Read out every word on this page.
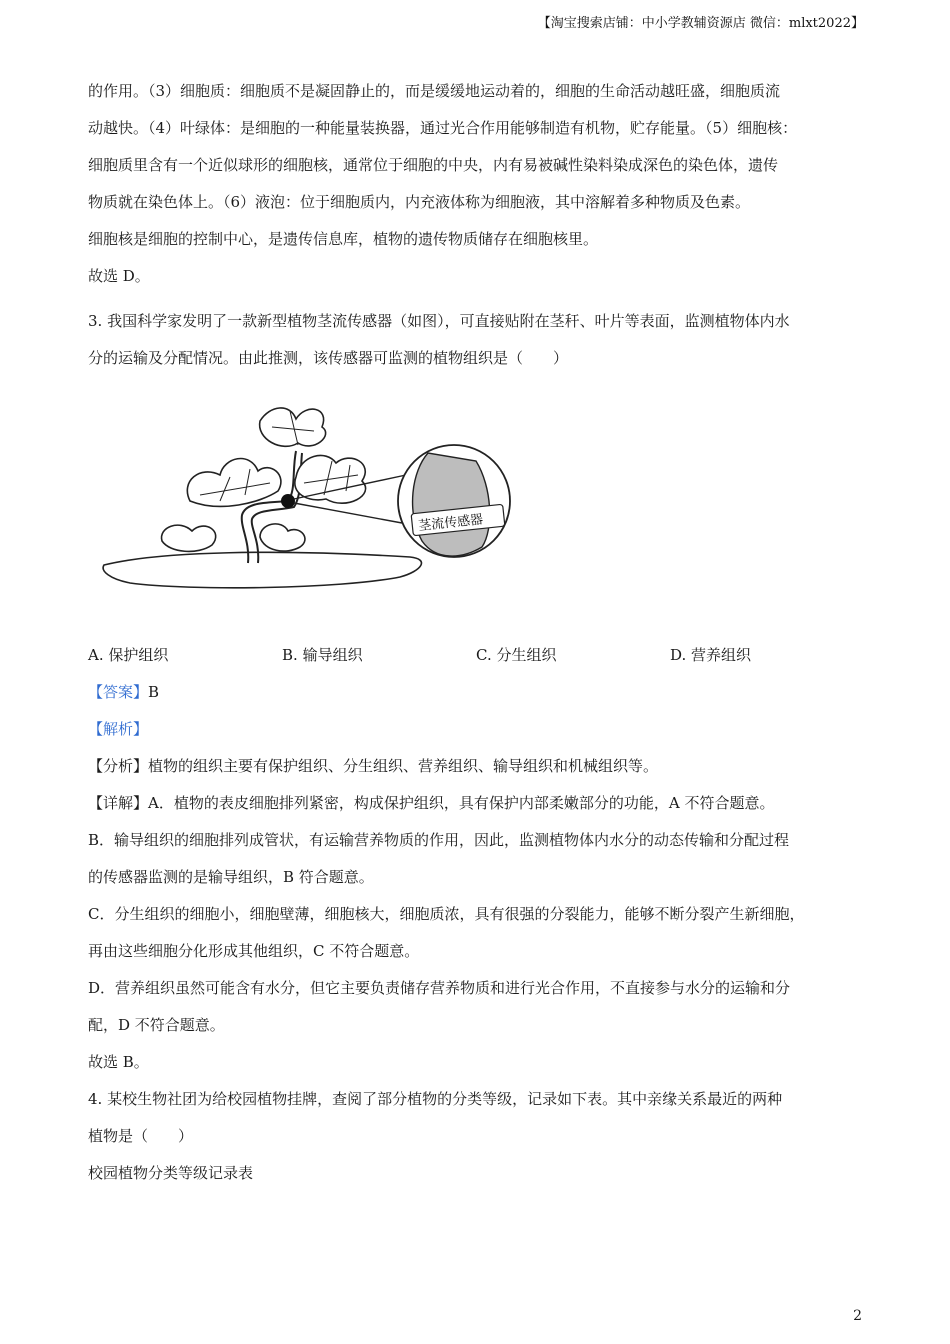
【淘宝搜索店铺：中小学教辅资源店 微信：mlxt2022】

的作用。（3）细胞质：细胞质不是凝固静止的，而是缓缓地运动着的，细胞的生命活动越旺盛，细胞质流

动越快。（4）叶绿体：是细胞的一种能量装换器，通过光合作用能够制造有机物，贮存能量。（5）细胞核：

细胞质里含有一个近似球形的细胞核，通常位于细胞的中央，内有易被碱性染料染成深色的染色体，遗传

物质就在染色体上。（6）液泡：位于细胞质内，内充液体称为细胞液，其中溶解着多种物质及色素。

细胞核是细胞的控制中心，是遗传信息库，植物的遗传物质储存在细胞核里。

故选 D。

3. 我国科学家发明了一款新型植物茎流传感器（如图），可直接贴附在茎秆、叶片等表面，监测植物体内水

分的运输及分配情况。由此推测，该传感器可监测的植物组织是（　　）

茎流传感器
A. 保护组织	B. 输导组织	C. 分生组织	D. 营养组织

【答案】B

【解析】

【分析】植物的组织主要有保护组织、分生组织、营养组织、输导组织和机械组织等。

【详解】A．植物的表皮细胞排列紧密，构成保护组织，具有保护内部柔嫩部分的功能，A 不符合题意。

B．输导组织的细胞排列成管状，有运输营养物质的作用，因此，监测植物体内水分的动态传输和分配过程

的传感器监测的是输导组织，B 符合题意。

C．分生组织的细胞小，细胞壁薄，细胞核大，细胞质浓，具有很强的分裂能力，能够不断分裂产生新细胞，

再由这些细胞分化形成其他组织，C 不符合题意。

D．营养组织虽然可能含有水分，但它主要负责储存营养物质和进行光合作用，不直接参与水分的运输和分

配，D 不符合题意。

故选 B。

4. 某校生物社团为给校园植物挂牌，查阅了部分植物的分类等级，记录如下表。其中亲缘关系最近的两种

植物是（　　）

校园植物分类等级记录表

2
